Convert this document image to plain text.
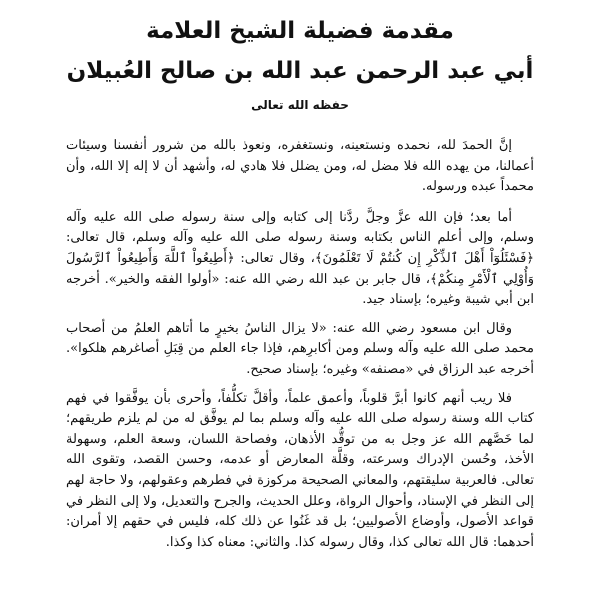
مقدمة فضيلة الشيخ العلامة
أبي عبد الرحمن عبد الله بن صالح العُبيلان
حفظه الله تعالى

إنَّ الحمدَ لله، نحمده ونستعينه، ونستغفره، ونعوذ بالله من شرور أنفسنا وسيئات أعمالنا، من يهده الله فلا مضل له، ومن يضلل فلا هادي له، وأشهد أن لا إله إلا الله، وأن محمداً عبده ورسوله.

أما بعد؛ فإن الله عزَّ وجلَّ ردَّنا إلى كتابه وإلى سنة رسوله صلى الله عليه وآله وسلم، وإلى أعلم الناس بكتابه وسنة رسوله صلى الله عليه وآله وسلم، قال تعالى: ﴿فَسْئَلُوٓاْ أَهْلَ ٱلذِّكْرِ إِن كُنتُمْ لَا تَعْلَمُونَ﴾، وقال تعالى: ﴿أَطِيعُواْ ٱللَّهَ وَأَطِيعُواْ ٱلرَّسُولَ وَأُوْلِي ٱلْأَمْرِ مِنكُمْ﴾، قال جابر بن عبد الله رضي الله عنه: «أولوا الفقه والخير». أخرجه ابن أبي شيبة وغيره؛ بإسناد جيد.

وقال ابن مسعود رضي الله عنه: «لا يزال الناسُ بخيرٍ ما أتاهم العلمُ من أصحاب محمد صلى الله عليه وآله وسلم ومن أكابرِهم، فإذا جاء العلم من قِبَلِ أصاغرهم هلكوا». أخرجه عبد الرزاق في «مصنفه» وغيره؛ بإسناد صحيح.

فلا ريب أنهم كانوا أبرَّ قلوباً، وأعمق علماً، وأقلَّ تكلُّفاً، وأحرى بأن يوفَّقوا في فهم كتاب الله وسنة رسوله صلى الله عليه وآله وسلم بما لم يوفَّق له من لم يلزم طريقهم؛ لما خَصَّهم الله عز وجل به من توقُّد الأذهان، وفصاحة اللسان، وسعة العلم، وسهولة الأخذ، وحُسن الإدراك وسرعته، وقلَّة المعارض أو عدمه، وحسن القصد، وتقوى الله تعالى. فالعربية سليقتهم، والمعاني الصحيحة مركوزة في فطرهم وعقولهم، ولا حاجة لهم إلى النظر في الإسناد، وأحوال الرواة، وعلل الحديث، والجرح والتعديل، ولا إلى النظر في قواعد الأصول، وأوضاع الأصوليين؛ بل قد غَنُوا عن ذلك كله، فليس في حقهم إلا أمران: أحدهما: قال الله تعالى كذا، وقال رسوله كذا. والثاني: معناه كذا وكذا.
